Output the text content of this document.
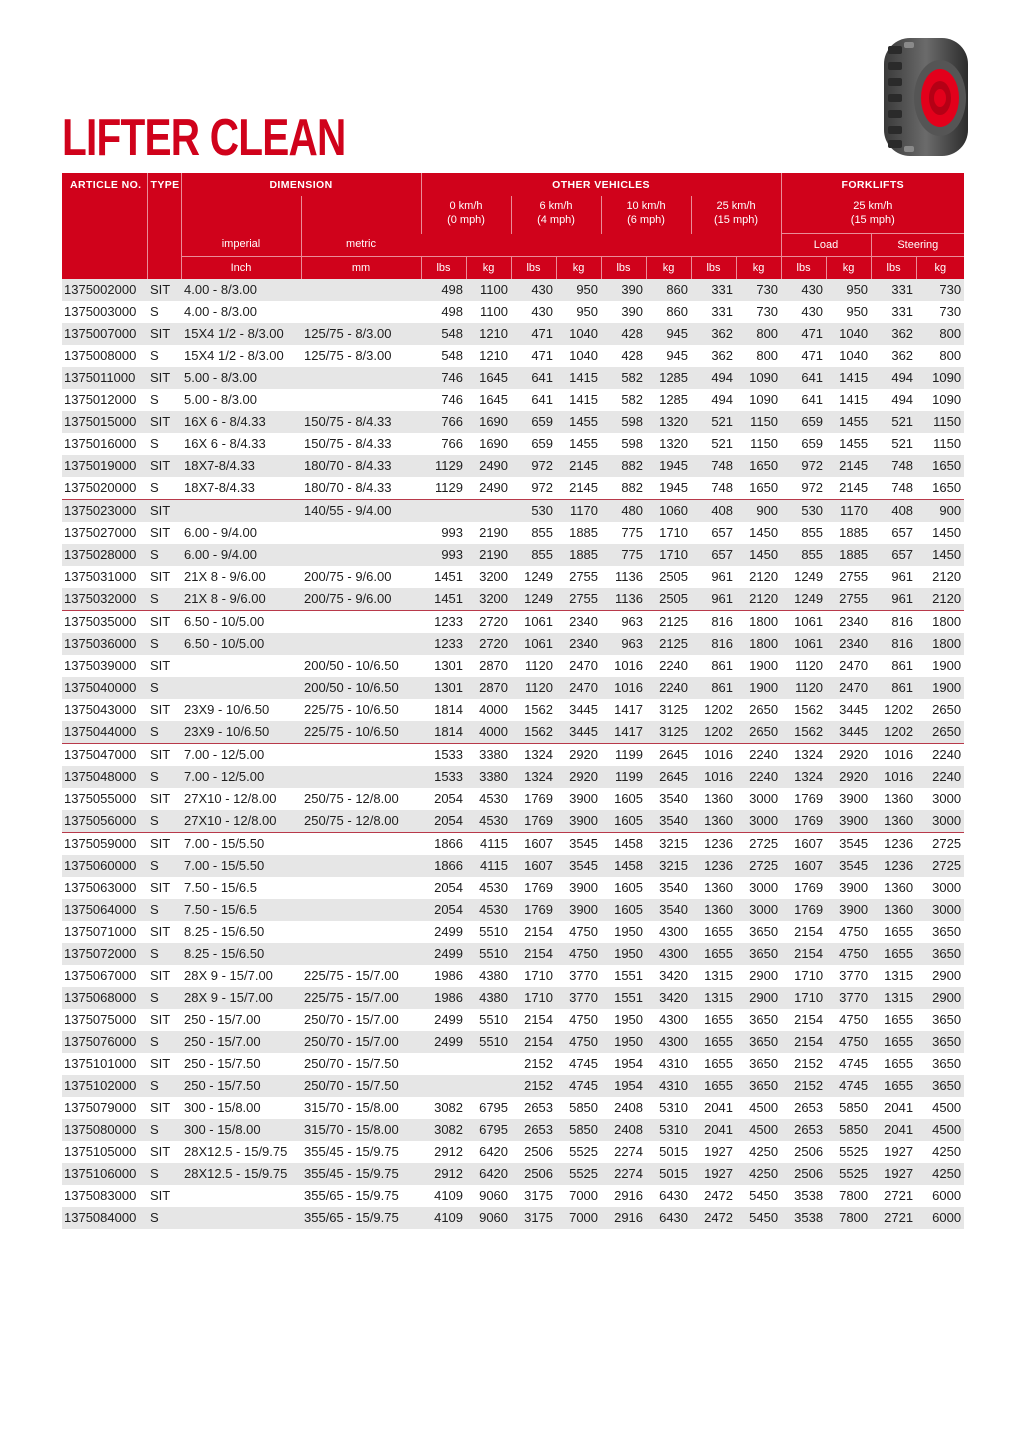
LIFTER CLEAN
ARTICLE NO.	TYPE	DIMENSION		OTHER VEHICLES								FORKLIFTS			
		imperial	metric	0 km/h
(0 mph)		6 km/h
(4 mph)		10 km/h
(6 mph)		25 km/h
(15 mph)		25 km/h
(15 mph)			
												Load		Steering	
		Inch	mm	lbs	kg	lbs	kg	lbs	kg	lbs	kg	lbs	kg	lbs	kg
1375002000	SIT	4.00 - 8/3.00		498	1100	430	950	390	860	331	730	430	950	331	730
1375003000	S	4.00 - 8/3.00		498	1100	430	950	390	860	331	730	430	950	331	730
1375007000	SIT	15X4 1/2 - 8/3.00	125/75 - 8/3.00	548	1210	471	1040	428	945	362	800	471	1040	362	800
1375008000	S	15X4 1/2 - 8/3.00	125/75 - 8/3.00	548	1210	471	1040	428	945	362	800	471	1040	362	800
1375011000	SIT	5.00 - 8/3.00		746	1645	641	1415	582	1285	494	1090	641	1415	494	1090
1375012000	S	5.00 - 8/3.00		746	1645	641	1415	582	1285	494	1090	641	1415	494	1090
1375015000	SIT	16X 6 - 8/4.33	150/75 - 8/4.33	766	1690	659	1455	598	1320	521	1150	659	1455	521	1150
1375016000	S	16X 6 - 8/4.33	150/75 - 8/4.33	766	1690	659	1455	598	1320	521	1150	659	1455	521	1150
1375019000	SIT	18X7-8/4.33	180/70 - 8/4.33	1129	2490	972	2145	882	1945	748	1650	972	2145	748	1650
1375020000	S	18X7-8/4.33	180/70 - 8/4.33	1129	2490	972	2145	882	1945	748	1650	972	2145	748	1650
1375023000	SIT		140/55 - 9/4.00			530	1170	480	1060	408	900	530	1170	408	900
1375027000	SIT	6.00 - 9/4.00		993	2190	855	1885	775	1710	657	1450	855	1885	657	1450
1375028000	S	6.00 - 9/4.00		993	2190	855	1885	775	1710	657	1450	855	1885	657	1450
1375031000	SIT	21X 8 - 9/6.00	200/75 - 9/6.00	1451	3200	1249	2755	1136	2505	961	2120	1249	2755	961	2120
1375032000	S	21X 8 - 9/6.00	200/75 - 9/6.00	1451	3200	1249	2755	1136	2505	961	2120	1249	2755	961	2120
1375035000	SIT	6.50 - 10/5.00		1233	2720	1061	2340	963	2125	816	1800	1061	2340	816	1800
1375036000	S	6.50 - 10/5.00		1233	2720	1061	2340	963	2125	816	1800	1061	2340	816	1800
1375039000	SIT		200/50 - 10/6.50	1301	2870	1120	2470	1016	2240	861	1900	1120	2470	861	1900
1375040000	S		200/50 - 10/6.50	1301	2870	1120	2470	1016	2240	861	1900	1120	2470	861	1900
1375043000	SIT	23X9 - 10/6.50	225/75 - 10/6.50	1814	4000	1562	3445	1417	3125	1202	2650	1562	3445	1202	2650
1375044000	S	23X9 - 10/6.50	225/75 - 10/6.50	1814	4000	1562	3445	1417	3125	1202	2650	1562	3445	1202	2650
1375047000	SIT	7.00 - 12/5.00		1533	3380	1324	2920	1199	2645	1016	2240	1324	2920	1016	2240
1375048000	S	7.00 - 12/5.00		1533	3380	1324	2920	1199	2645	1016	2240	1324	2920	1016	2240
1375055000	SIT	27X10 - 12/8.00	250/75 - 12/8.00	2054	4530	1769	3900	1605	3540	1360	3000	1769	3900	1360	3000
1375056000	S	27X10 - 12/8.00	250/75 - 12/8.00	2054	4530	1769	3900	1605	3540	1360	3000	1769	3900	1360	3000
1375059000	SIT	7.00 - 15/5.50		1866	4115	1607	3545	1458	3215	1236	2725	1607	3545	1236	2725
1375060000	S	7.00 - 15/5.50		1866	4115	1607	3545	1458	3215	1236	2725	1607	3545	1236	2725
1375063000	SIT	7.50 - 15/6.5		2054	4530	1769	3900	1605	3540	1360	3000	1769	3900	1360	3000
1375064000	S	7.50 - 15/6.5		2054	4530	1769	3900	1605	3540	1360	3000	1769	3900	1360	3000
1375071000	SIT	8.25 - 15/6.50		2499	5510	2154	4750	1950	4300	1655	3650	2154	4750	1655	3650
1375072000	S	8.25 - 15/6.50		2499	5510	2154	4750	1950	4300	1655	3650	2154	4750	1655	3650
1375067000	SIT	28X 9 - 15/7.00	225/75 - 15/7.00	1986	4380	1710	3770	1551	3420	1315	2900	1710	3770	1315	2900
1375068000	S	28X 9 - 15/7.00	225/75 - 15/7.00	1986	4380	1710	3770	1551	3420	1315	2900	1710	3770	1315	2900
1375075000	SIT	250 - 15/7.00	250/70 - 15/7.00	2499	5510	2154	4750	1950	4300	1655	3650	2154	4750	1655	3650
1375076000	S	250 - 15/7.00	250/70 - 15/7.00	2499	5510	2154	4750	1950	4300	1655	3650	2154	4750	1655	3650
1375101000	SIT	250 - 15/7.50	250/70 - 15/7.50			2152	4745	1954	4310	1655	3650	2152	4745	1655	3650
1375102000	S	250 - 15/7.50	250/70 - 15/7.50			2152	4745	1954	4310	1655	3650	2152	4745	1655	3650
1375079000	SIT	300 - 15/8.00	315/70 - 15/8.00	3082	6795	2653	5850	2408	5310	2041	4500	2653	5850	2041	4500
1375080000	S	300 - 15/8.00	315/70 - 15/8.00	3082	6795	2653	5850	2408	5310	2041	4500	2653	5850	2041	4500
1375105000	SIT	28X12.5 - 15/9.75	355/45 - 15/9.75	2912	6420	2506	5525	2274	5015	1927	4250	2506	5525	1927	4250
1375106000	S	28X12.5 - 15/9.75	355/45 - 15/9.75	2912	6420	2506	5525	2274	5015	1927	4250	2506	5525	1927	4250
1375083000	SIT		355/65 - 15/9.75	4109	9060	3175	7000	2916	6430	2472	5450	3538	7800	2721	6000
1375084000	S		355/65 - 15/9.75	4109	9060	3175	7000	2916	6430	2472	5450	3538	7800	2721	6000
